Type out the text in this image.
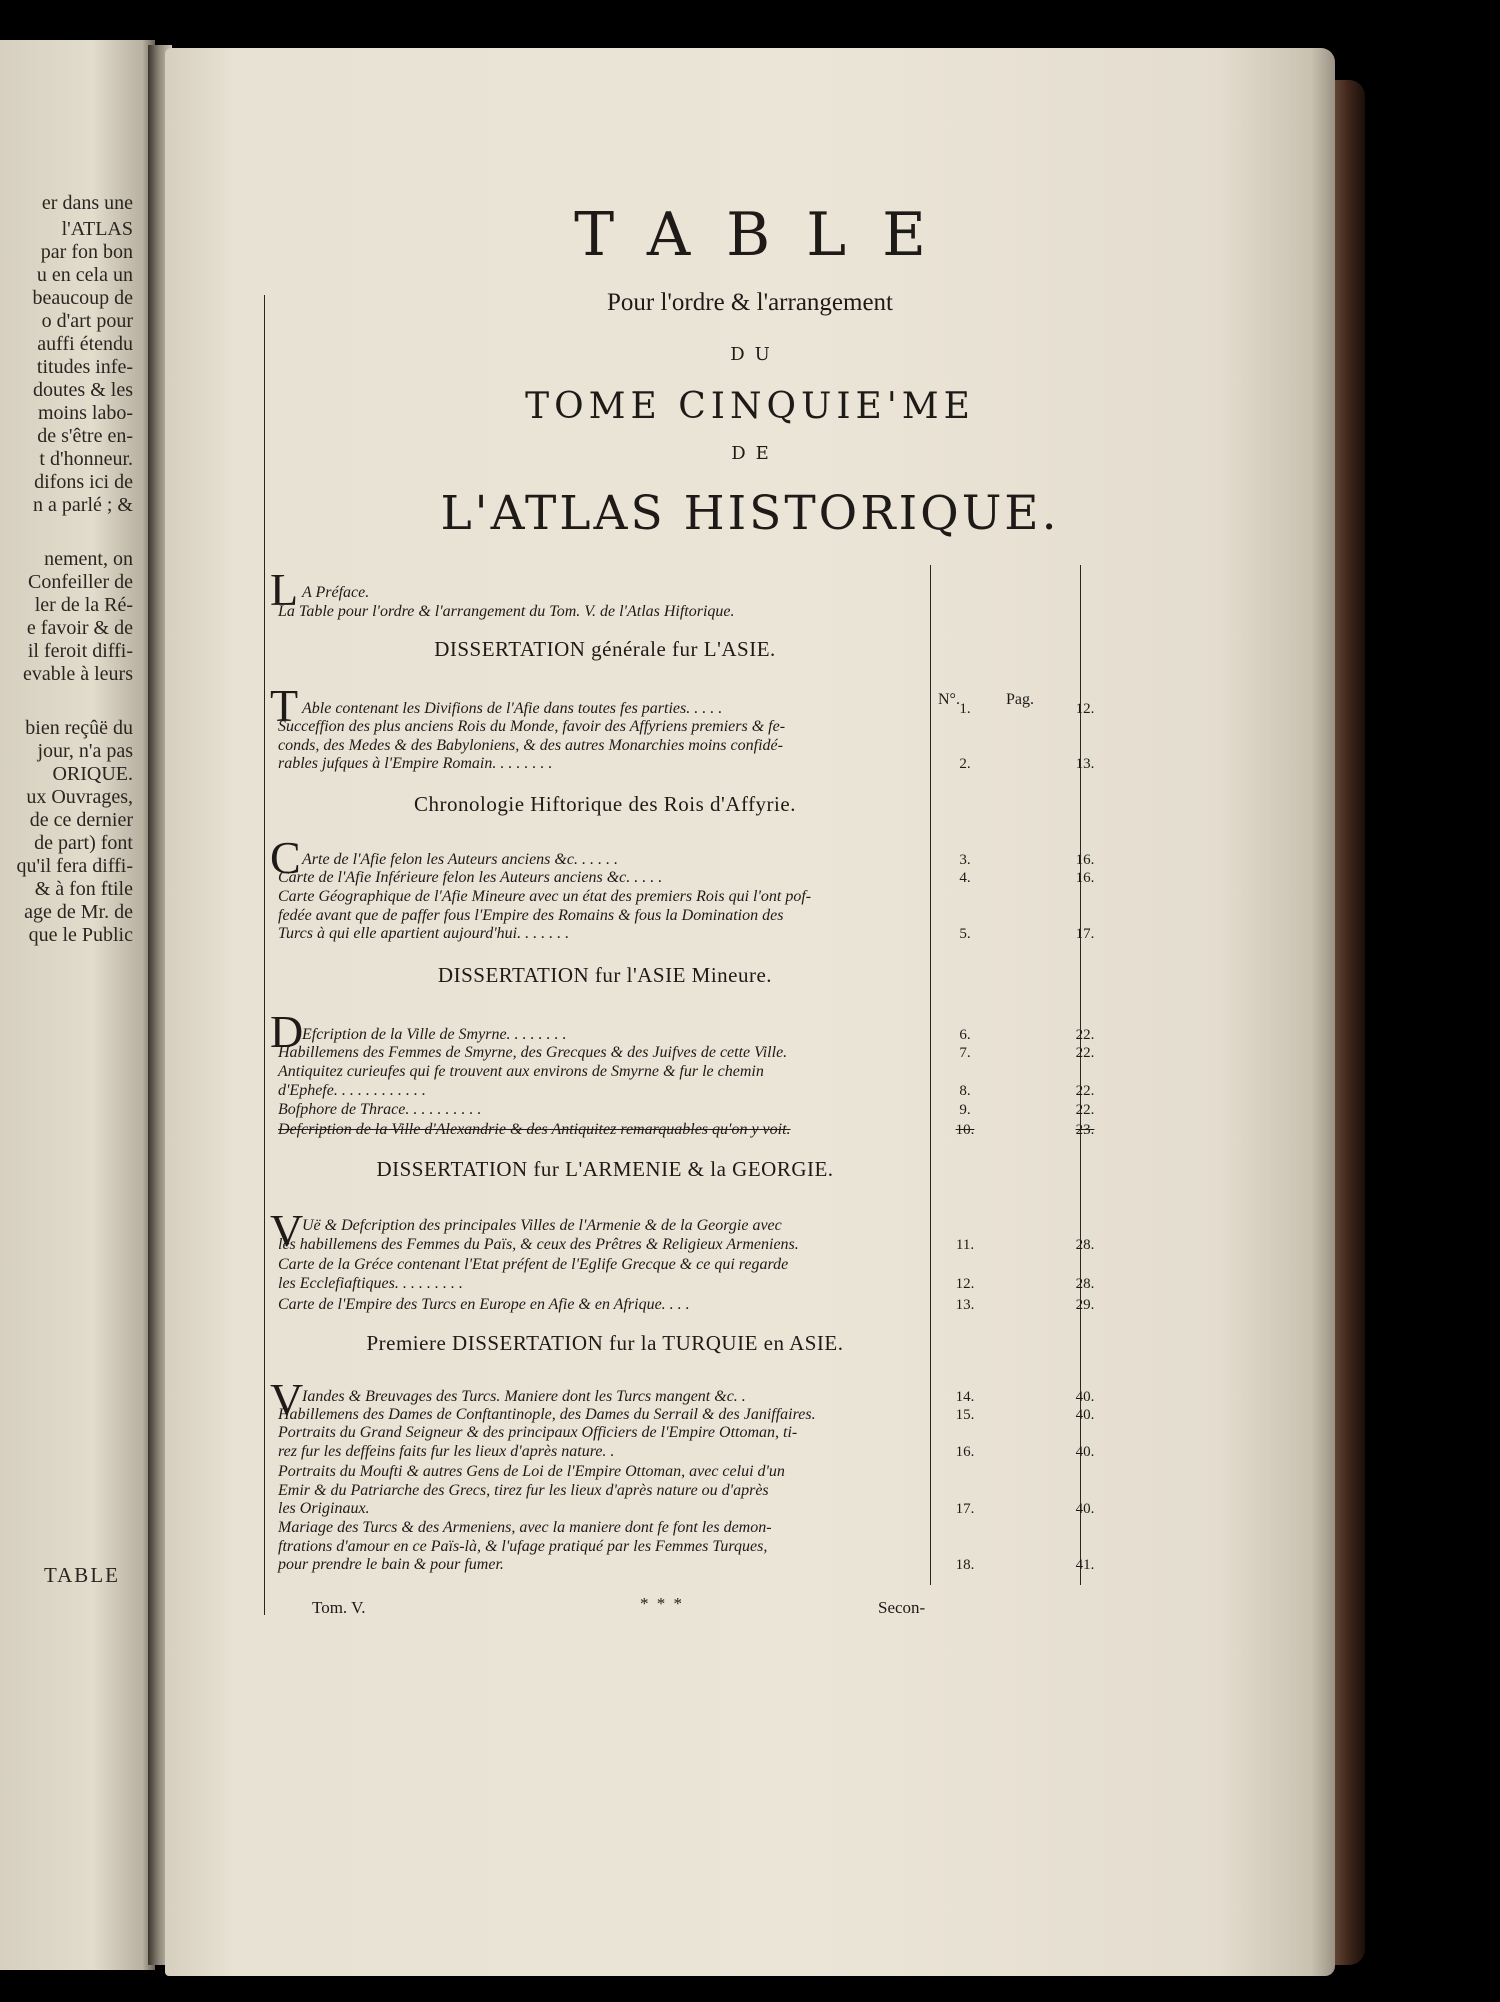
er dans une
l'ATLAS
par fon bon
u en cela un
beaucoup de
o d'art pour
auffi étendu
titudes infe-
doutes & les
moins labo-
de s'être en-
t d'honneur.
difons ici de
n a parlé ; &
nement, on
Confeiller de
ler de la Ré-
e favoir & de
il feroit diffi-
evable à leurs
bien reçûë du
jour, n'a pas
ORIQUE.
ux Ouvrages,
de ce dernier
de part) font
qu'il fera diffi-
& à fon ftile
age de Mr. de
que le Public
TABLE
Pour l'ordre & l'arrangement
DU
TOME CINQUIE'ME
DE
L'ATLAS HISTORIQUE.
N°.	Pag.
L A Préface.
La Table pour l'ordre & l'arrangement du Tom. V. de l'Atlas Hiftorique.
DISSERTATION générale fur L'ASIE.
T Able contenant les Divifions de l'Afie dans toutes fes parties. . . . .	1.	12.
Succeffion des plus anciens Rois du Monde, favoir des Affyriens premiers & fe-
conds, des Medes & des Babyloniens, & des autres Monarchies moins confidé-
rables jufques à l'Empire Romain. . . . . . . .	2.	13.
Chronologie Hiftorique des Rois d'Affyrie.
C Arte de l'Afie felon les Auteurs anciens &c. . . . . .	3.	16.
Carte de l'Afie Inférieure felon les Auteurs anciens &c. . . . .	4.	16.
Carte Géographique de l'Afie Mineure avec un état des premiers Rois qui l'ont pof-
fedée avant que de paffer fous l'Empire des Romains & fous la Domination des
Turcs à qui elle apartient aujourd'hui. . . . . . .	5.	17.
DISSERTATION fur l'ASIE Mineure.
D
Efcription de la Ville de Smyrne. . . . . . . .	6.	22.
Habillemens des Femmes de Smyrne, des Grecques & des Juifves de cette Ville.	7.	22.
Antiquitez curieufes qui fe trouvent aux environs de Smyrne & fur le chemin
d'Ephefe. . . . . . . . . . . .	8.	22.
Bofphore de Thrace. . . . . . . . . .	9.	22.
Defcription de la Ville d'Alexandrie & des Antiquitez remarquables qu'on y voit.	10.	23.
DISSERTATION fur L'ARMENIE & la GEORGIE.
V
Uë & Defcription des principales Villes de l'Armenie & de la Georgie avec
les habillemens des Femmes du Païs, & ceux des Prêtres & Religieux Armeniens.	11.	28.
Carte de la Gréce contenant l'Etat préfent de l'Eglife Grecque & ce qui regarde
les Ecclefiaftiques. . . . . . . . .	12.	28.
Carte de l'Empire des Turcs en Europe en Afie & en Afrique. . . .	13.	29.
Premiere DISSERTATION fur la TURQUIE en ASIE.
V
Iandes & Breuvages des Turcs. Maniere dont les Turcs mangent &c. .	14.	40.
Habillemens des Dames de Conftantinople, des Dames du Serrail & des Janiffaires.	15.	40.
Portraits du Grand Seigneur & des principaux Officiers de l'Empire Ottoman, ti-
rez fur les deffeins faits fur les lieux d'après nature. .	16.	40.
Portraits du Moufti & autres Gens de Loi de l'Empire Ottoman, avec celui d'un
Emir & du Patriarche des Grecs, tirez fur les lieux d'après nature ou d'après
les Originaux.	17.	40.
Mariage des Turcs & des Armeniens, avec la maniere dont fe font les demon-
ftrations d'amour en ce Païs-là, & l'ufage pratiqué par les Femmes Turques,
pour prendre le bain & pour fumer.	18.	41.
Tom. V.	* * *	Secon-
TABLE
